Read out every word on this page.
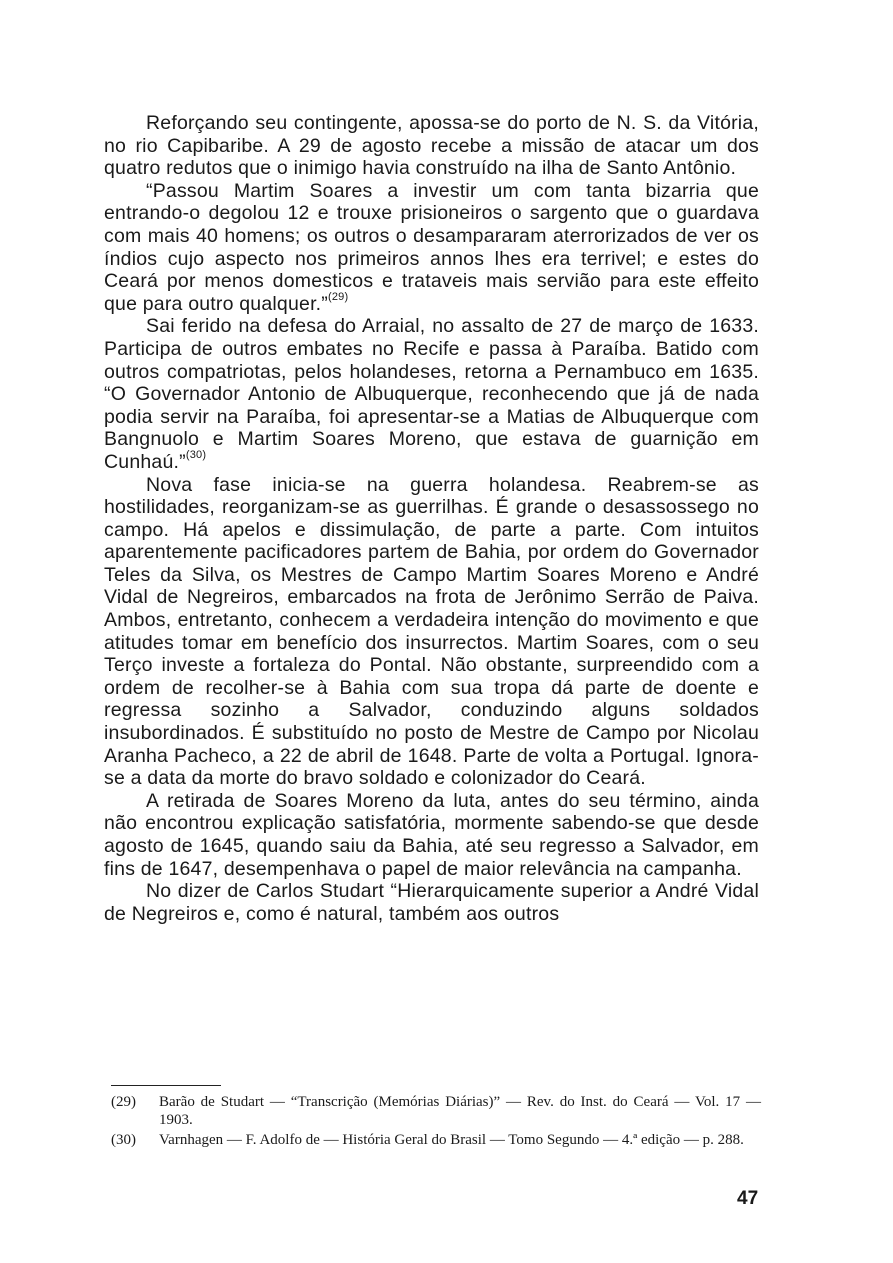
Reforçando seu contingente, apossa-se do porto de N. S. da Vitória, no rio Capibaribe. A 29 de agosto recebe a missão de atacar um dos quatro redutos que o inimigo havia construído na ilha de Santo Antônio.

“Passou Martim Soares a investir um com tanta bizarria que entrando-o degolou 12 e trouxe prisioneiros o sargento que o guardava com mais 40 homens; os outros o desampararam aterrorizados de ver os índios cujo aspecto nos primeiros annos lhes era terrivel; e estes do Ceará por menos domesticos e trataveis mais servião para este effeito que para outro qualquer.”$^{(29)}$

Sai ferido na defesa do Arraial, no assalto de 27 de março de 1633. Participa de outros embates no Recife e passa à Paraíba. Batido com outros compatriotas, pelos holandeses, retorna a Pernambuco em 1635. “O Governador Antonio de Albuquerque, reconhecendo que já de nada podia servir na Paraíba, foi apresentar-se a Matias de Albuquerque com Bangnuolo e Martim Soares Moreno, que estava de guarnição em Cunhaú.”$^{(30)}$

Nova fase inicia-se na guerra holandesa. Reabrem-se as hostilidades, reorganizam-se as guerrilhas. É grande o desassossego no campo. Há apelos e dissimulação, de parte a parte. Com intuitos aparentemente pacificadores partem de Bahia, por ordem do Governador Teles da Silva, os Mestres de Campo Martim Soares Moreno e André Vidal de Negreiros, embarcados na frota de Jerônimo Serrão de Paiva. Ambos, entretanto, conhecem a verdadeira intenção do movimento e que atitudes tomar em benefício dos insurrectos. Martim Soares, com o seu Terço investe a fortaleza do Pontal. Não obstante, surpreendido com a ordem de recolher-se à Bahia com sua tropa dá parte de doente e regressa sozinho a Salvador, conduzindo alguns soldados insubordinados. É substituído no posto de Mestre de Campo por Nicolau Aranha Pacheco, a 22 de abril de 1648. Parte de volta a Portugal. Ignora-se a data da morte do bravo soldado e colonizador do Ceará.

A retirada de Soares Moreno da luta, antes do seu término, ainda não encontrou explicação satisfatória, mormente sabendo-se que desde agosto de 1645, quando saiu da Bahia, até seu regresso a Salvador, em fins de 1647, desempenhava o papel de maior relevância na campanha.

No dizer de Carlos Studart “Hierarquicamente superior a André Vidal de Negreiros e, como é natural, também aos outros

(29)	Barão de Studart — “Transcrição (Memórias Diárias)” — Rev. do Inst. do Ceará — Vol. 17 — 1903.
(30)	Varnhagen — F. Adolfo de — História Geral do Brasil — Tomo Segundo — 4.ª edição — p. 288.
47
